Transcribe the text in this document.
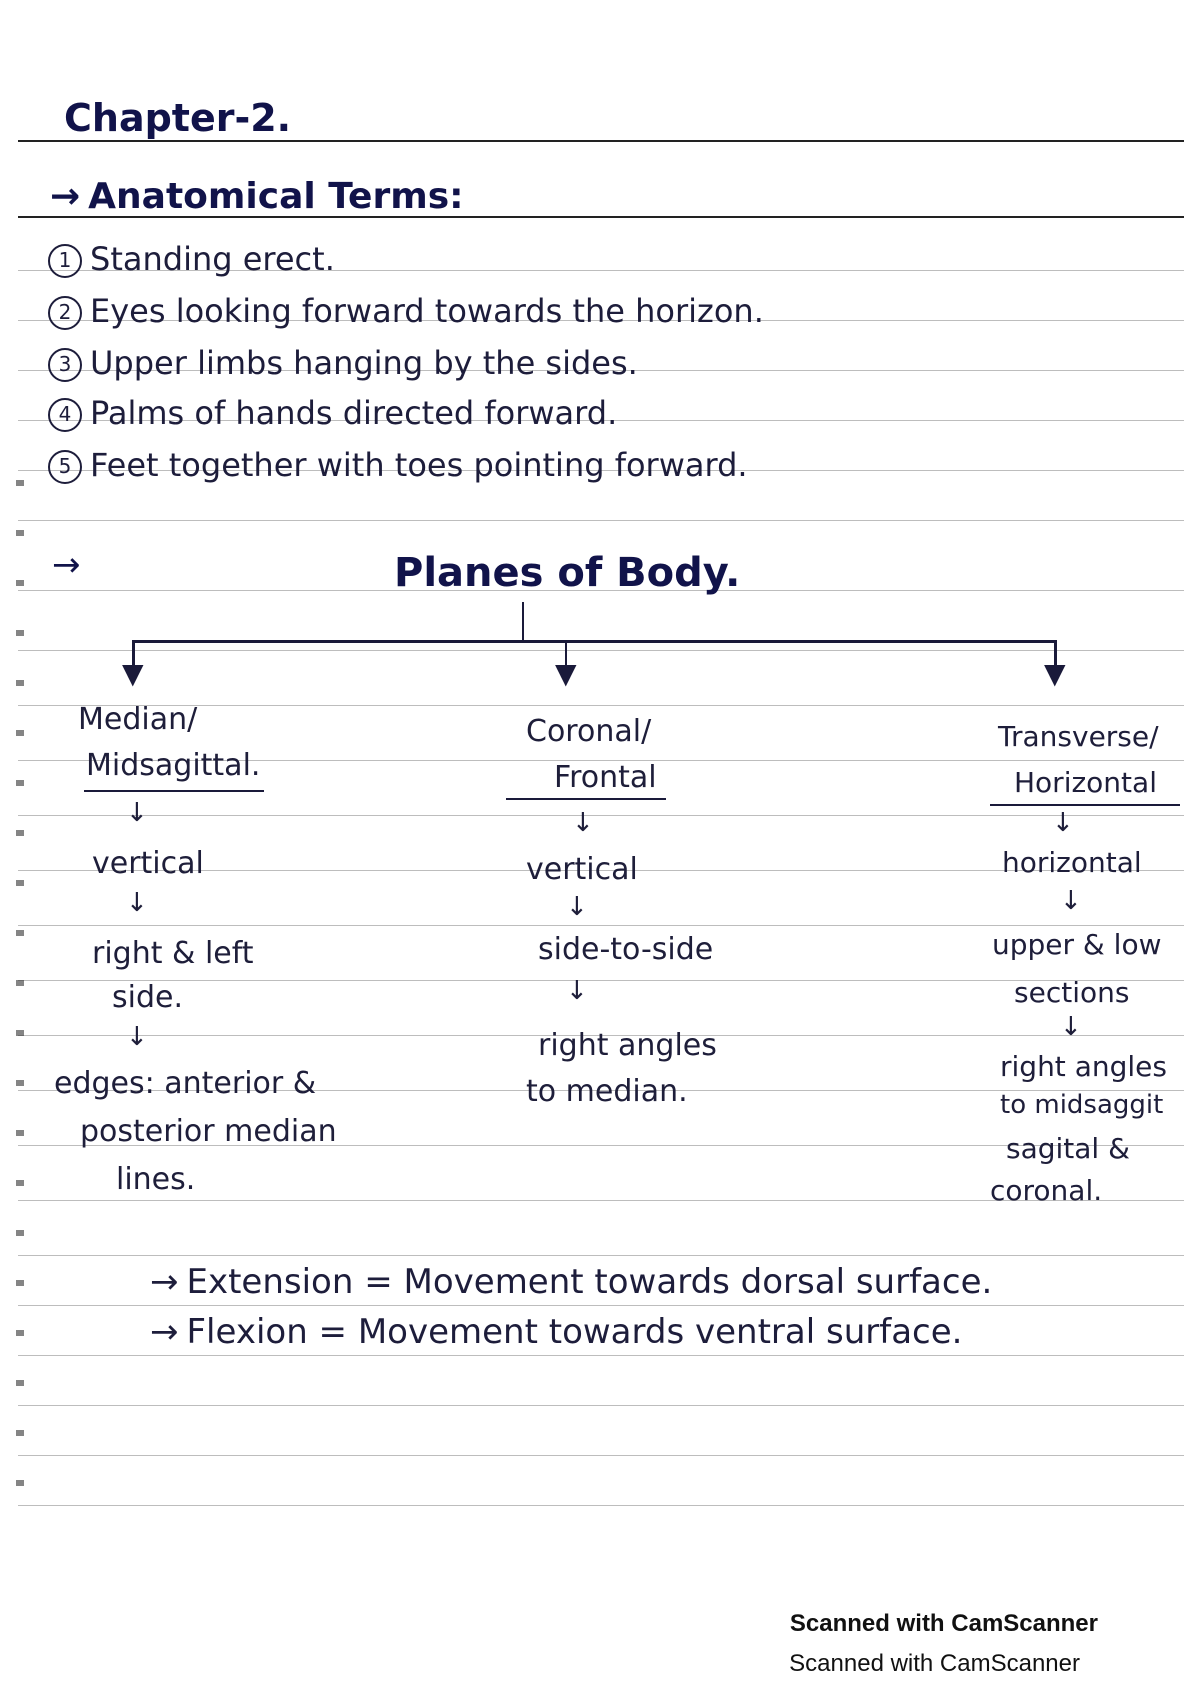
Chapter-2.
→ Anatomical Terms:
1 Standing erect.
2 Eyes looking forward towards the horizon.
3 Upper limbs hanging by the sides.
4 Palms of hands directed forward.
5 Feet together with toes pointing forward.
→	Planes of Body.
▼	▼	▼
Median/
Midsagittal.
↓
vertical
↓
right & left
side.
↓
edges: anterior &
posterior median
lines.
Coronal/
Frontal
↓
vertical
↓
side-to-side
↓
right angles
to median.
Transverse/
Horizontal
↓
horizontal
↓
upper & low
sections
↓
right angles
to midsaggit
sagital &
coronal.
→ Extension = Movement towards dorsal surface.
→ Flexion = Movement towards ventral surface.
Scanned with CamScanner
Scanned with CamScanner
